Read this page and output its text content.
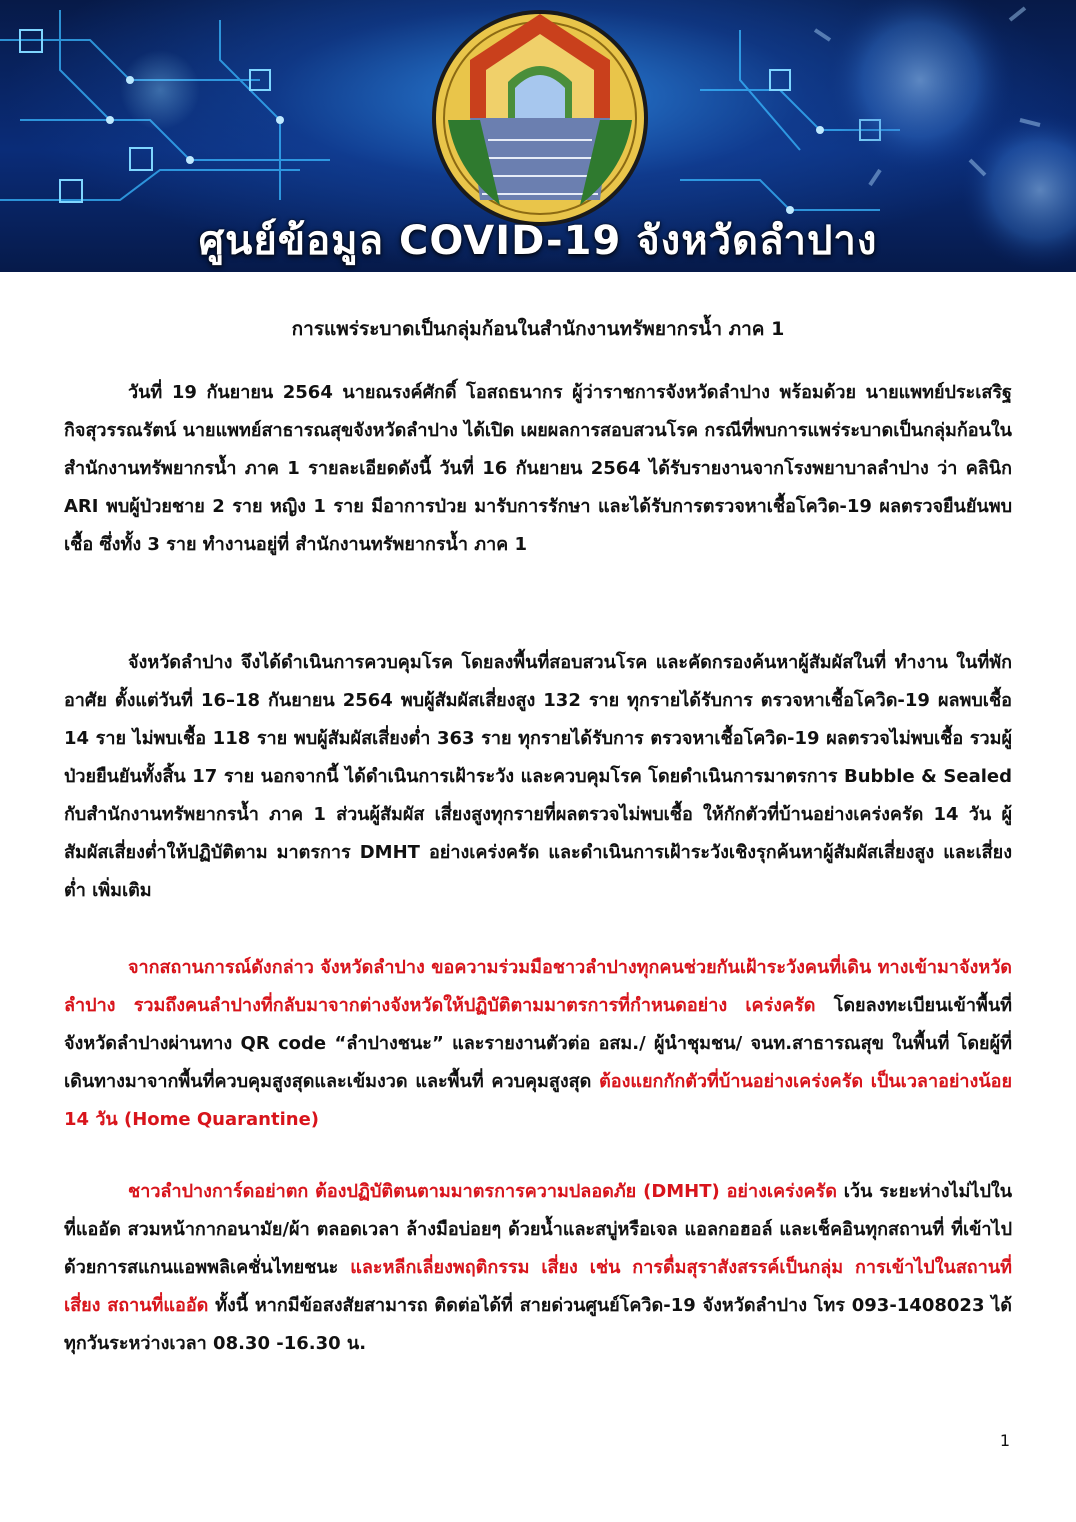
ศูนย์ข้อมูล COVID-19 จังหวัดลำปาง
การแพร่ระบาดเป็นกลุ่มก้อนในสำนักงานทรัพยากรน้ำ ภาค 1

วันที่ 19 กันยายน 2564 นายณรงค์ศักดิ์ โอสถธนากร ผู้ว่าราชการจังหวัดลำปาง พร้อมด้วย นายแพทย์ประเสริฐ กิจสุวรรณรัตน์ นายแพทย์สาธารณสุขจังหวัดลำปาง ได้เปิด เผยผลการสอบสวนโรค กรณีที่พบการแพร่ระบาดเป็นกลุ่มก้อนในสำนักงานทรัพยากรน้ำ ภาค 1 รายละเอียดดังนี้ วันที่ 16 กันยายน 2564 ได้รับรายงานจากโรงพยาบาลลำปาง ว่า คลินิก ARI พบผู้ป่วยชาย 2 ราย หญิง 1 ราย มีอาการป่วย มารับการรักษา และได้รับการตรวจหาเชื้อโควิด-19 ผลตรวจยืนยันพบเชื้อ ซึ่งทั้ง 3 ราย ทำงานอยู่ที่ สำนักงานทรัพยากรน้ำ ภาค 1

จังหวัดลำปาง จึงได้ดำเนินการควบคุมโรค โดยลงพื้นที่สอบสวนโรค และคัดกรองค้นหาผู้สัมผัสในที่ ทำงาน ในที่พักอาศัย ตั้งแต่วันที่ 16–18 กันยายน 2564 พบผู้สัมผัสเสี่ยงสูง 132 ราย ทุกรายได้รับการ ตรวจหาเชื้อโควิด-19 ผลพบเชื้อ 14 ราย ไม่พบเชื้อ 118 ราย พบผู้สัมผัสเสี่ยงต่ำ 363 ราย ทุกรายได้รับการ ตรวจหาเชื้อโควิด-19 ผลตรวจไม่พบเชื้อ รวมผู้ป่วยยืนยันทั้งสิ้น 17 ราย นอกจากนี้ ได้ดำเนินการเฝ้าระวัง และควบคุมโรค โดยดำเนินการมาตรการ Bubble & Sealed กับสำนักงานทรัพยากรน้ำ ภาค 1 ส่วนผู้สัมผัส เสี่ยงสูงทุกรายที่ผลตรวจไม่พบเชื้อ ให้กักตัวที่บ้านอย่างเคร่งครัด 14 วัน ผู้สัมผัสเสี่ยงต่ำให้ปฏิบัติตาม มาตรการ DMHT อย่างเคร่งครัด และดำเนินการเฝ้าระวังเชิงรุกค้นหาผู้สัมผัสเสี่ยงสูง และเสี่ยงต่ำ เพิ่มเติม

จากสถานการณ์ดังกล่าว จังหวัดลำปาง ขอความร่วมมือชาวลำปางทุกคนช่วยกันเฝ้าระวังคนที่เดิน ทางเข้ามาจังหวัดลำปาง รวมถึงคนลำปางที่กลับมาจากต่างจังหวัดให้ปฏิบัติตามมาตรการที่กำหนดอย่าง เคร่งครัด โดยลงทะเบียนเข้าพื้นที่จังหวัดลำปางผ่านทาง QR code “ลำปางชนะ” และรายงานตัวต่อ อสม./ ผู้นำชุมชน/ จนท.สาธารณสุข ในพื้นที่ โดยผู้ที่เดินทางมาจากพื้นที่ควบคุมสูงสุดและเข้มงวด และพื้นที่ ควบคุมสูงสุด ต้องแยกกักตัวที่บ้านอย่างเคร่งครัด เป็นเวลาอย่างน้อย 14 วัน (Home Quarantine)

ชาวลำปางการ์ดอย่าตก ต้องปฏิบัติตนตามมาตรการความปลอดภัย (DMHT) อย่างเคร่งครัด เว้น ระยะห่างไม่ไปในที่แออัด สวมหน้ากากอนามัย/ผ้า ตลอดเวลา ล้างมือบ่อยๆ ด้วยน้ำและสบู่หรือเจล แอลกอฮอล์ และเช็คอินทุกสถานที่ ที่เข้าไปด้วยการสแกนแอพพลิเคชั่นไทยชนะ และหลีกเลี่ยงพฤติกรรม เสี่ยง เช่น การดื่มสุราสังสรรค์เป็นกลุ่ม การเข้าไปในสถานที่เสี่ยง สถานที่แออัด ทั้งนี้ หากมีข้อสงสัยสามารถ ติดต่อได้ที่ สายด่วนศูนย์โควิด-19 จังหวัดลำปาง โทร 093-1408023 ได้ทุกวันระหว่างเวลา 08.30 -16.30 น.

1
